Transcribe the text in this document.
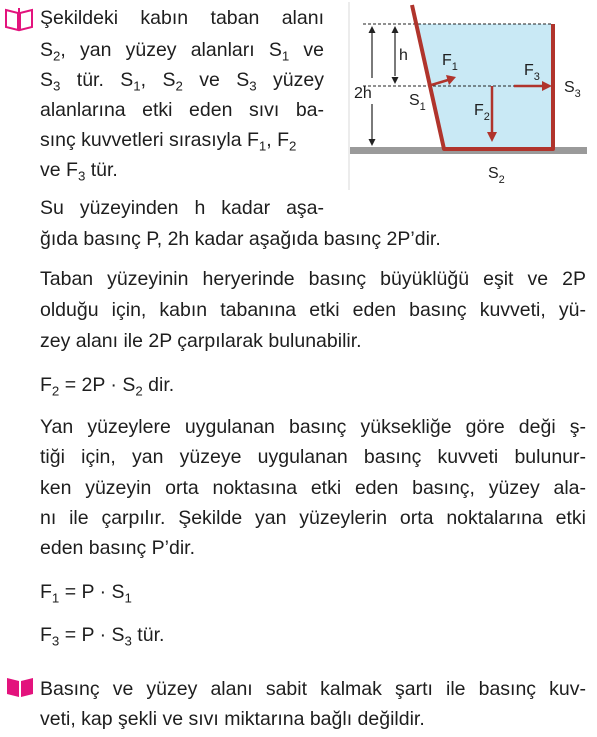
Şekildeki kabın taban alanı
$S_2$, yan yüzey alanları $S_1$ ve
$S_3$ tür. $S_1$, $S_2$ ve $S_3$ yüzey
alanlarına etki eden sıvı ba-
sınç kuvvetleri sırasıyla $F_1$, $F_2$
ve $F_3$ tür.
h
2h
$F_1$
$F_2$
$F_3$
$S_1$
$S_2$
$S_3$
Su yüzeyinden h kadar aşa-
ğıda basınç P, 2h kadar aşağıda basınç 2P’dir.
Taban yüzeyinin heryerinde basınç büyüklüğü eşit ve 2P
olduğu için, kabın tabanına etki eden basınç kuvveti, yü-
zey alanı ile 2P çarpılarak bulunabilir.
$F_2 = 2P \cdot S_2$ dir.
Yan yüzeylere uygulanan basınç yüksekliğe göre deği ş-
tiği için, yan yüzeye uygulanan basınç kuvveti bulunur-
ken yüzeyin orta noktasına etki eden basınç, yüzey ala-
nı ile çarpılır. Şekilde yan yüzeylerin orta noktalarına etki
eden basınç P’dir.
$F_1 = P \cdot S_1$
$F_3 = P \cdot S_3$ tür.
Basınç ve yüzey alanı sabit kalmak şartı ile basınç kuv-
veti, kap şekli ve sıvı miktarına bağlı değildir.
